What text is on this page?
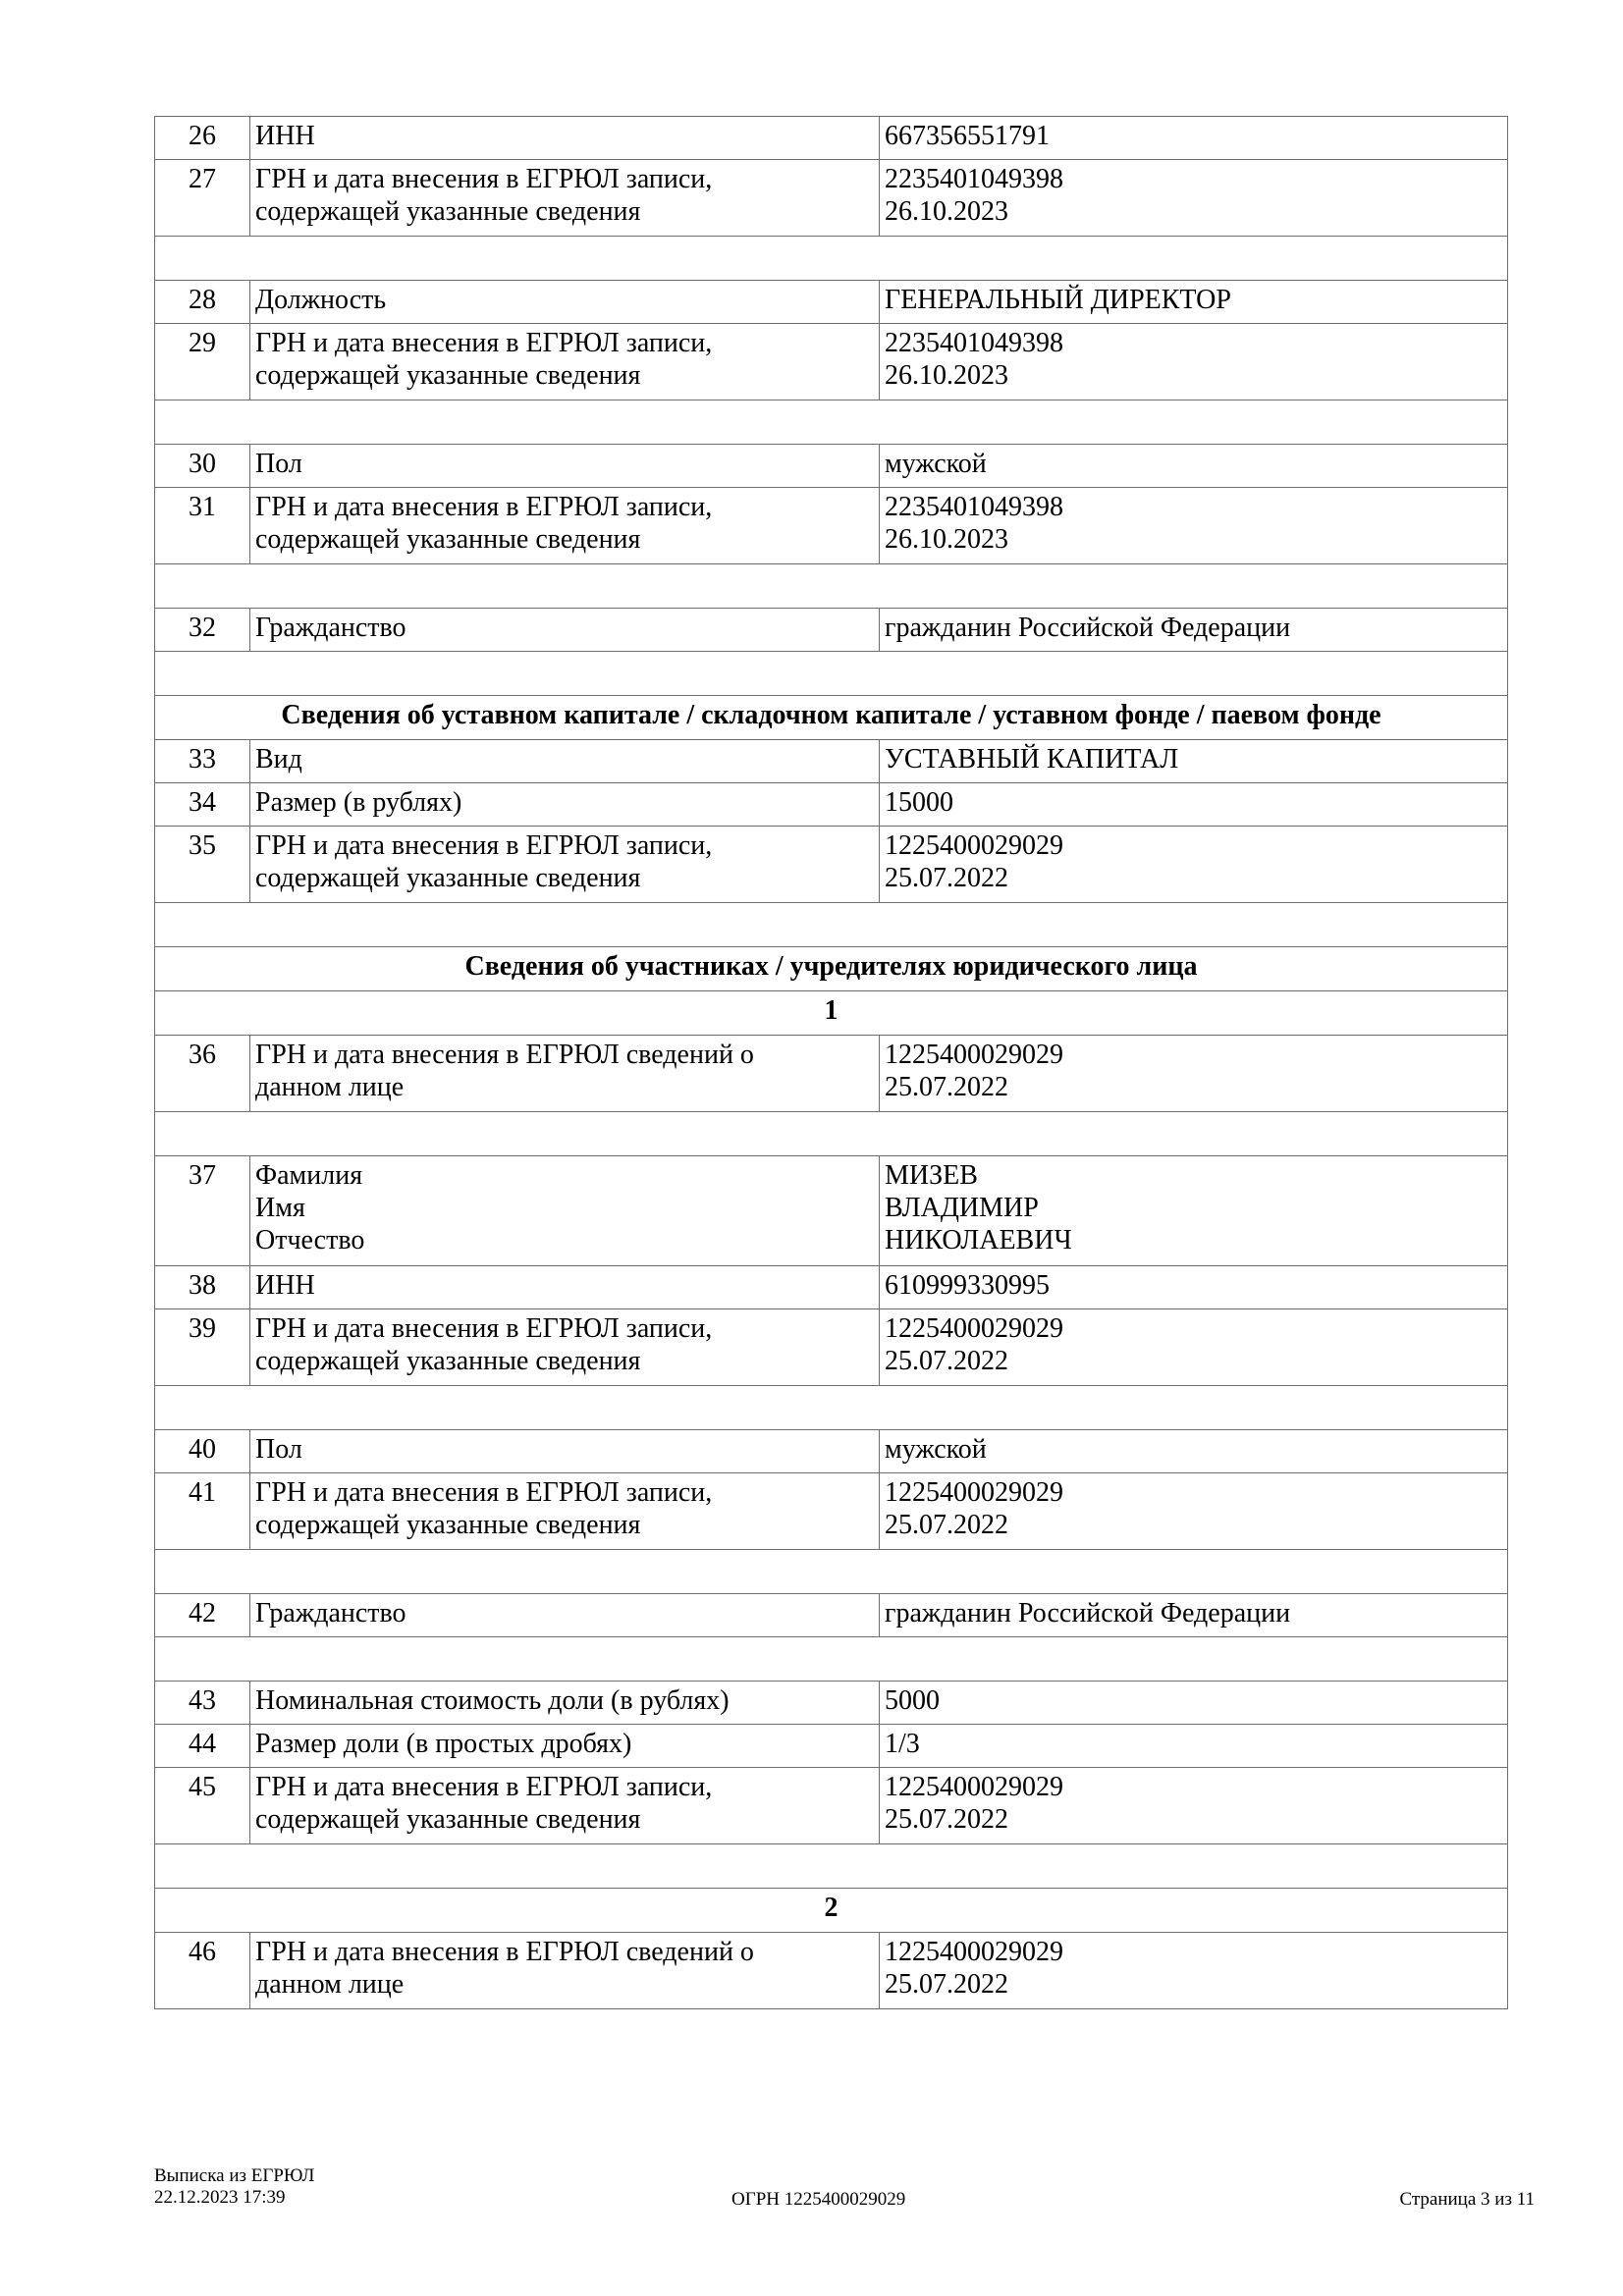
26	ИНН	667356551791
27	ГРН и дата внесения в ЕГРЮЛ записи,
содержащей указанные сведения	2235401049398
26.10.2023

28	Должность	ГЕНЕРАЛЬНЫЙ ДИРЕКТОР
29	ГРН и дата внесения в ЕГРЮЛ записи,
содержащей указанные сведения	2235401049398
26.10.2023

30	Пол	мужской
31	ГРН и дата внесения в ЕГРЮЛ записи,
содержащей указанные сведения	2235401049398
26.10.2023

32	Гражданство	гражданин Российской Федерации

Сведения об уставном капитале / складочном капитале / уставном фонде / паевом фонде		
33	Вид	УСТАВНЫЙ КАПИТАЛ
34	Размер (в рублях)	15000
35	ГРН и дата внесения в ЕГРЮЛ записи,
содержащей указанные сведения	1225400029029
25.07.2022

Сведения об участниках / учредителях юридического лица		
1		
36	ГРН и дата внесения в ЕГРЮЛ сведений о
данном лице	1225400029029
25.07.2022

37	Фамилия
Имя
Отчество	МИЗЕВ
ВЛАДИМИР
НИКОЛАЕВИЧ

38	ИНН	610999330995
39	ГРН и дата внесения в ЕГРЮЛ записи,
содержащей указанные сведения	1225400029029
25.07.2022

40	Пол	мужской
41	ГРН и дата внесения в ЕГРЮЛ записи,
содержащей указанные сведения	1225400029029
25.07.2022

42	Гражданство	гражданин Российской Федерации

43	Номинальная стоимость доли (в рублях)	5000
44	Размер доли (в простых дробях)	1/3
45	ГРН и дата внесения в ЕГРЮЛ записи,
содержащей указанные сведения	1225400029029
25.07.2022

2		
46	ГРН и дата внесения в ЕГРЮЛ сведений о
данном лице	1225400029029
25.07.2022
Выписка из ЕГРЮЛ
22.12.2023 17:39	ОГРН 1225400029029	Страница 3 из 11
